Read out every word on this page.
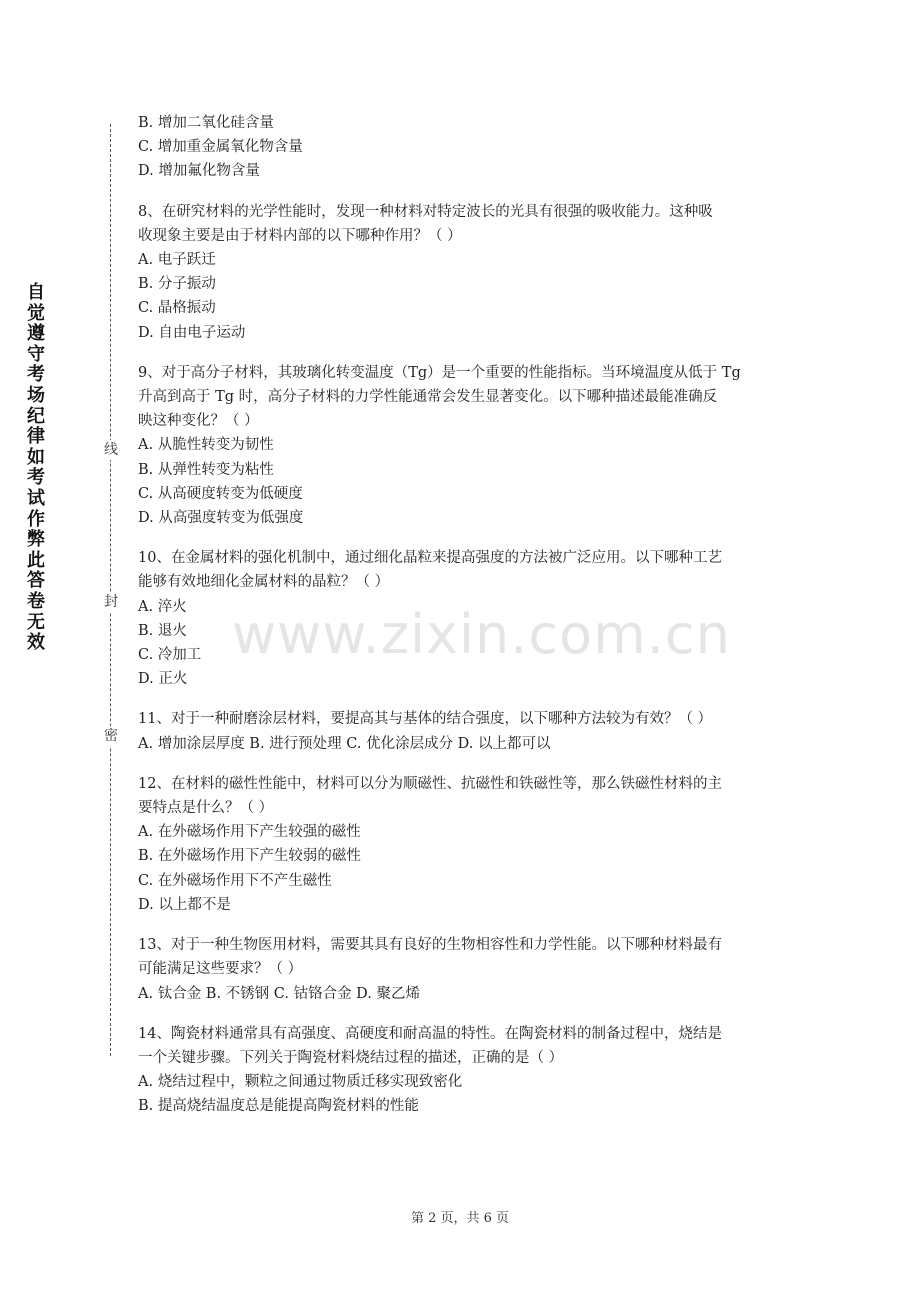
自觉遵守考场纪律如考试作弊此答卷无效
线
封
密
B. 增加二氧化硅含量
C. 增加重金属氧化物含量
D. 增加氟化物含量
8、在研究材料的光学性能时，发现一种材料对特定波长的光具有很强的吸收能力。这种吸
收现象主要是由于材料内部的以下哪种作用？（ ）
A. 电子跃迁
B. 分子振动
C. 晶格振动
D. 自由电子运动
9、对于高分子材料，其玻璃化转变温度（Tg）是一个重要的性能指标。当环境温度从低于 Tg
升高到高于 Tg 时，高分子材料的力学性能通常会发生显著变化。以下哪种描述最能准确反
映这种变化？（ ）
A. 从脆性转变为韧性
B. 从弹性转变为粘性
C. 从高硬度转变为低硬度
D. 从高强度转变为低强度
10、在金属材料的强化机制中，通过细化晶粒来提高强度的方法被广泛应用。以下哪种工艺
能够有效地细化金属材料的晶粒？（ ）
A. 淬火
B. 退火
C. 冷加工
D. 正火
11、对于一种耐磨涂层材料，要提高其与基体的结合强度，以下哪种方法较为有效？（ ）
A. 增加涂层厚度 B. 进行预处理 C. 优化涂层成分 D. 以上都可以
12、在材料的磁性性能中，材料可以分为顺磁性、抗磁性和铁磁性等，那么铁磁性材料的主
要特点是什么？（ ）
A. 在外磁场作用下产生较强的磁性
B. 在外磁场作用下产生较弱的磁性
C. 在外磁场作用下不产生磁性
D. 以上都不是
13、对于一种生物医用材料，需要其具有良好的生物相容性和力学性能。以下哪种材料最有
可能满足这些要求？（ ）
A. 钛合金 B. 不锈钢 C. 钴铬合金 D. 聚乙烯
14、陶瓷材料通常具有高强度、高硬度和耐高温的特性。在陶瓷材料的制备过程中，烧结是
一个关键步骤。下列关于陶瓷材料烧结过程的描述，正确的是（ ）
A. 烧结过程中，颗粒之间通过物质迁移实现致密化
B. 提高烧结温度总是能提高陶瓷材料的性能
www.zixin.com.cn
第 2 页，共 6 页
